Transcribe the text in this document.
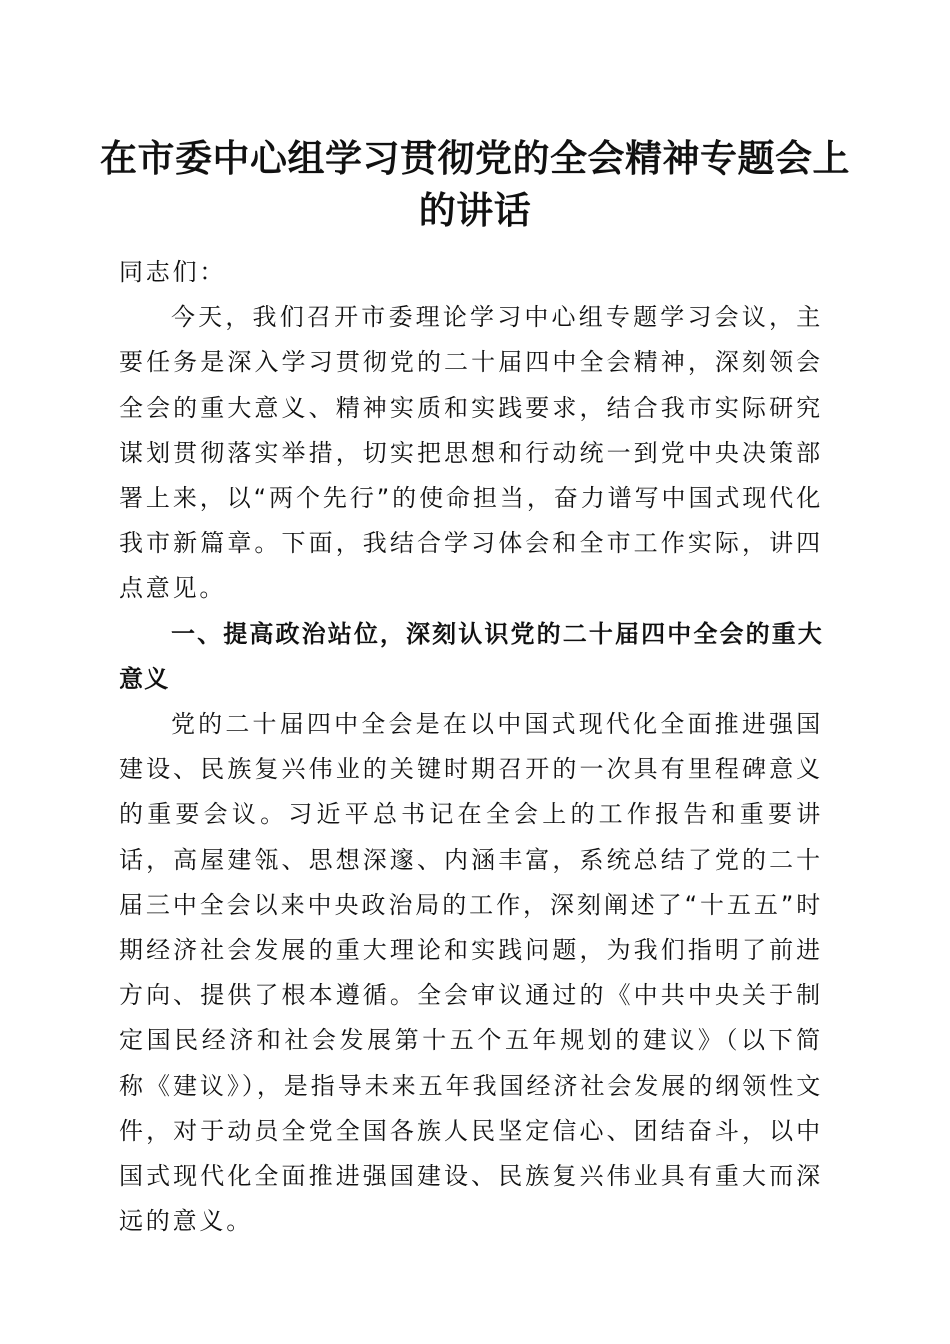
在市委中心组学习贯彻党的全会精神专题会上的讲话

同志们：

今天，我们召开市委理论学习中心组专题学习会议，主要任务是深入学习贯彻党的二十届四中全会精神，深刻领会全会的重大意义、精神实质和实践要求，结合我市实际研究谋划贯彻落实举措，切实把思想和行动统一到党中央决策部署上来，以“两个先行”的使命担当，奋力谱写中国式现代化我市新篇章。下面，我结合学习体会和全市工作实际，讲四点意见。

一、提高政治站位，深刻认识党的二十届四中全会的重大意义

党的二十届四中全会是在以中国式现代化全面推进强国建设、民族复兴伟业的关键时期召开的一次具有里程碑意义的重要会议。习近平总书记在全会上的工作报告和重要讲话，高屋建瓴、思想深邃、内涵丰富，系统总结了党的二十届三中全会以来中央政治局的工作，深刻阐述了“十五五”时期经济社会发展的重大理论和实践问题，为我们指明了前进方向、提供了根本遵循。全会审议通过的《中共中央关于制定国民经济和社会发展第十五个五年规划的建议》（以下简称《建议》），是指导未来五年我国经济社会发展的纲领性文件，对于动员全党全国各族人民坚定信心、团结奋斗，以中国式现代化全面推进强国建设、民族复兴伟业具有重大而深远的意义。
